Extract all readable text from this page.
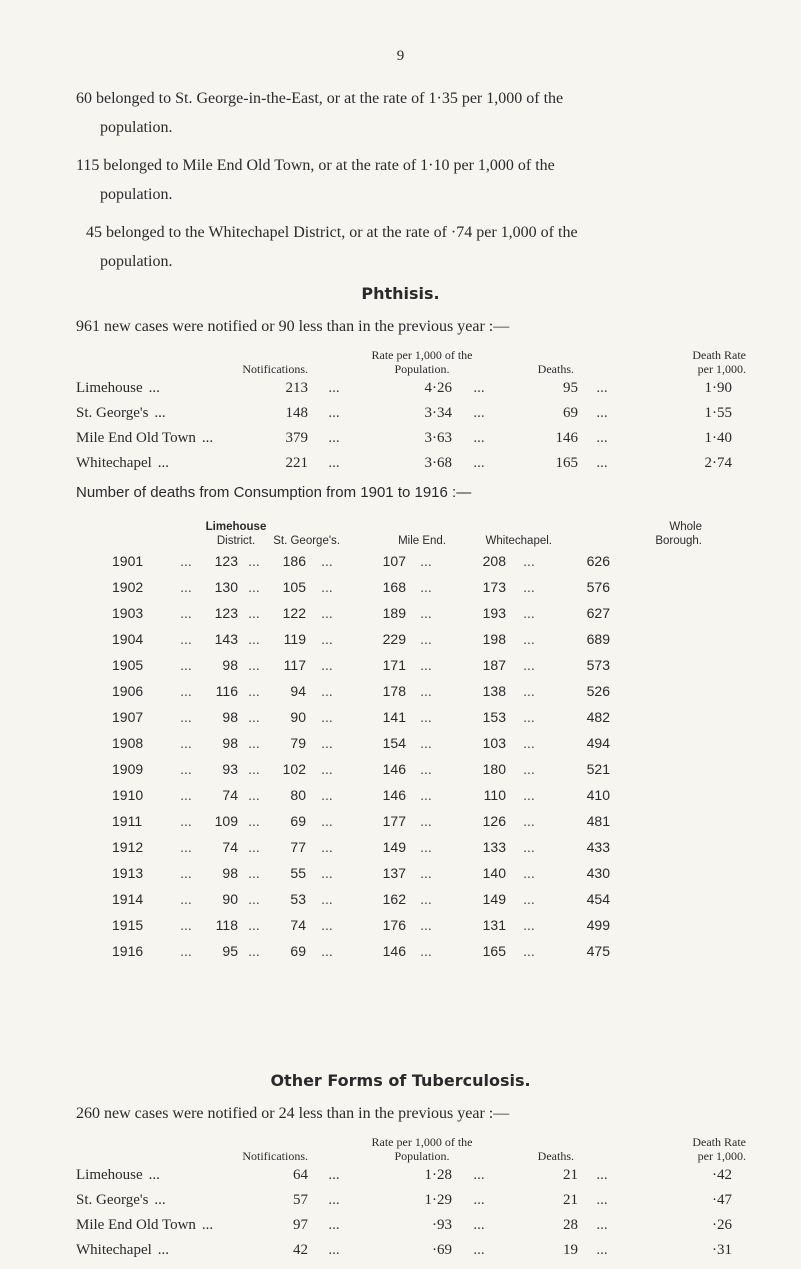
9
60 belonged to St. George-in-the-East, or at the rate of 1·35 per 1,000 of the
population.
115 belonged to Mile End Old Town, or at the rate of 1·10 per 1,000 of the
population.
45 belonged to the Whitechapel District, or at the rate of ·74 per 1,000 of the
population.
Phthisis.
961 new cases were notified or 90 less than in the previous year :—
	Notifications.	Rate per 1,000 of the
Population.			Deaths.	Death Rate
per 1,000.	
Limehouse ...	213	...	4·26	...	95	...	1·90
St. George's ...	148	...	3·34	...	69	...	1·55
Mile End Old Town ...	379	...	3·63	...	146	...	1·40
Whitechapel ...	221	...	3·68	...	165	...	2·74
Number of deaths from Consumption from 1901 to 1916 :—
		Limehouse
District.		St. George's.		Mile End.		Whitechapel.		Whole
Borough.
1901	...	123	...	186	...	107	...	208	...	626
1902	...	130	...	105	...	168	...	173	...	576
1903	...	123	...	122	...	189	...	193	...	627
1904	...	143	...	119	...	229	...	198	...	689
1905	...	98	...	117	...	171	...	187	...	573
1906	...	116	...	94	...	178	...	138	...	526
1907	...	98	...	90	...	141	...	153	...	482
1908	...	98	...	79	...	154	...	103	...	494
1909	...	93	...	102	...	146	...	180	...	521
1910	...	74	...	80	...	146	...	110	...	410
1911	...	109	...	69	...	177	...	126	...	481
1912	...	74	...	77	...	149	...	133	...	433
1913	...	98	...	55	...	137	...	140	...	430
1914	...	90	...	53	...	162	...	149	...	454
1915	...	118	...	74	...	176	...	131	...	499
1916	...	95	...	69	...	146	...	165	...	475
Other Forms of Tuberculosis.
260 new cases were notified or 24 less than in the previous year :—
	Notifications.	Rate per 1,000 of the
Population.			Deaths.	Death Rate
per 1,000.	
Limehouse ...	64	...	1·28	...	21	...	·42
St. George's ...	57	...	1·29	...	21	...	·47
Mile End Old Town ...	97	...	·93	...	28	...	·26
Whitechapel ...	42	...	·69	...	19	...	·31
